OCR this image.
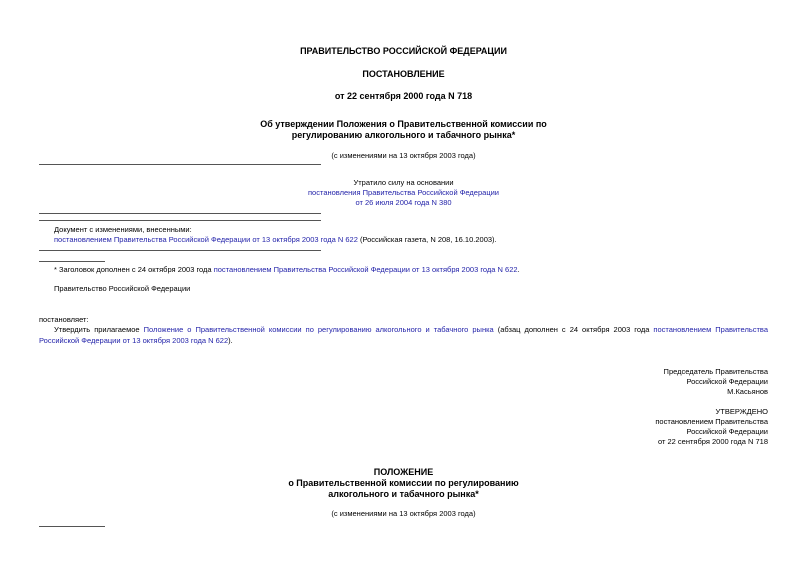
ПРАВИТЕЛЬСТВО РОССИЙСКОЙ ФЕДЕРАЦИИ
ПОСТАНОВЛЕНИЕ
от 22 сентября 2000 года N 718
Об утверждении Положения о Правительственной комиссии по
регулированию алкогольного и табачного рынка*
(с изменениями на 13 октября 2003 года)
Утратило силу на основании
постановления Правительства Российской Федерации
от 26 июля 2004 года N 380
Документ с изменениями, внесенными:
постановлением Правительства Российской Федерации от 13 октября 2003 года N 622 (Российская газета, N 208, 16.10.2003).
* Заголовок дополнен с 24 октября 2003 года постановлением Правительства Российской Федерации от 13 октября 2003 года N 622.
Правительство Российской Федерации
постановляет:
Утвердить прилагаемое Положение о Правительственной комиссии по регулированию алкогольного и табачного рынка (абзац дополнен с 24 октября 2003 года постановлением Правительства Российской Федерации от 13 октября 2003 года N 622).
Председатель Правительства
Российской Федерации
М.Касьянов
УТВЕРЖДЕНО
постановлением Правительства
Российской Федерации
от 22 сентября 2000 года N 718
ПОЛОЖЕНИЕ
о Правительственной комиссии по регулированию
алкогольного и табачного рынка*
(с изменениями на 13 октября 2003 года)
